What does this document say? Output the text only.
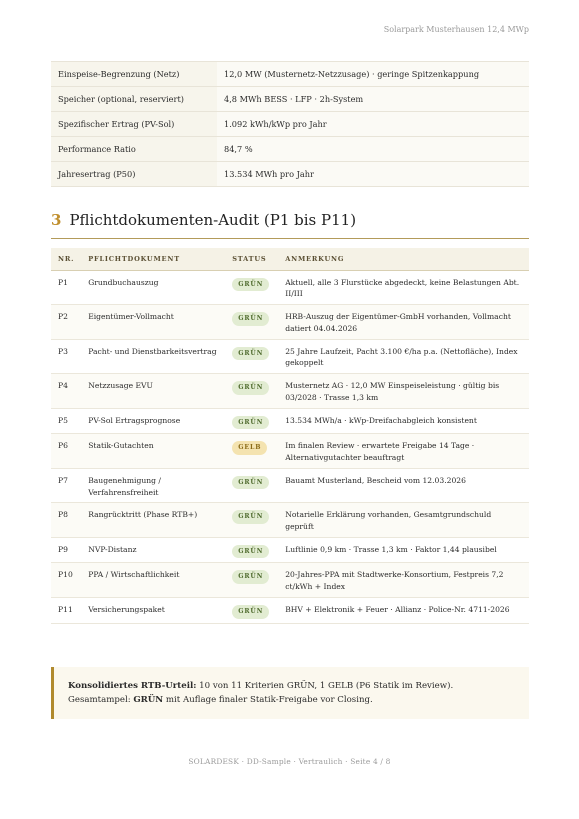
Solarpark Musterhausen 12,4 MWp
Einspeise-Begrenzung (Netz)	12,0 MW (Musternetz-Netzzusage) · geringe Spitzenkappung
Speicher (optional, reserviert)	4,8 MWh BESS · LFP · 2h-System
Spezifischer Ertrag (PV-Sol)	1.092 kWh/kWp pro Jahr
Performance Ratio	84,7 %
Jahresertrag (P50)	13.534 MWh pro Jahr
3 Pflichtdokumenten-Audit (P1 bis P11)
NR.	PFLICHTDOKUMENT	STATUS	ANMERKUNG
P1	Grundbuchauszug	GRÜN	Aktuell, alle 3 Flurstücke abgedeckt, keine Belastungen Abt. II/III
P2	Eigentümer-Vollmacht	GRÜN	HRB-Auszug der Eigentümer-GmbH vorhanden, Vollmacht datiert 04.04.2026
P3	Pacht- und Dienstbarkeitsvertrag	GRÜN	25 Jahre Laufzeit, Pacht 3.100 €/ha p.a. (Nettofläche), Index gekoppelt
P4	Netzzusage EVU	GRÜN	Musternetz AG · 12,0 MW Einspeiseleistung · gültig bis 03/2028 · Trasse 1,3 km
P5	PV-Sol Ertragsprognose	GRÜN	13.534 MWh/a · kWp-Dreifachabgleich konsistent
P6	Statik-Gutachten	GELB	Im finalen Review · erwartete Freigabe 14 Tage · Alternativgutachter beauftragt
P7	Baugenehmigung / Verfahrensfreiheit	GRÜN	Bauamt Musterland, Bescheid vom 12.03.2026
P8	Rangrücktritt (Phase RTB+)	GRÜN	Notarielle Erklärung vorhanden, Gesamtgrundschuld geprüft
P9	NVP-Distanz	GRÜN	Luftlinie 0,9 km · Trasse 1,3 km · Faktor 1,44 plausibel
P10	PPA / Wirtschaftlichkeit	GRÜN	20-Jahres-PPA mit Stadtwerke-Konsortium, Festpreis 7,2 ct/kWh + Index
P11	Versicherungspaket	GRÜN	BHV + Elektronik + Feuer · Allianz · Police-Nr. 4711-2026
Konsolidiertes RTB-Urteil: 10 von 11 Kriterien GRÜN, 1 GELB (P6 Statik im Review). Gesamtampel: GRÜN mit Auflage finaler Statik-Freigabe vor Closing.
SOLARDESK · DD-Sample · Vertraulich · Seite 4 / 8
